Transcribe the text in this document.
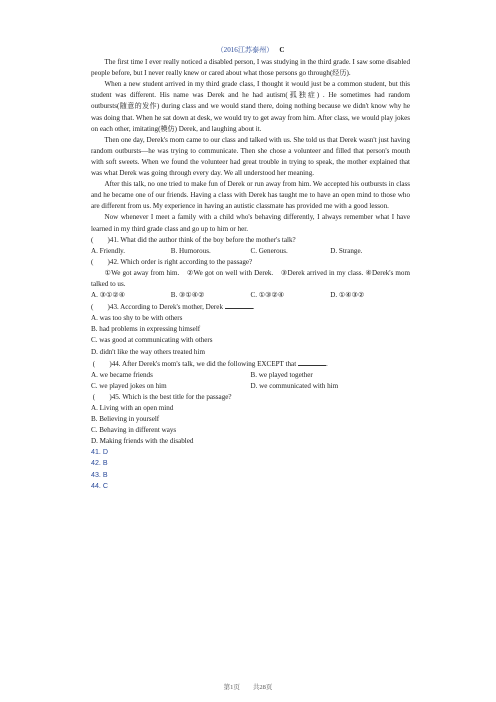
（2016江苏泰州） C

The first time I ever really noticed a disabled person, I was studying in the third grade. I saw some disabled people before, but I never really knew or cared about what those persons go through(经历).

When a new student arrived in my third grade class, I thought it would just be a common student, but this student was different. His name was Derek and he had autism(孤独症) . He sometimes had random outbursts(随意的发作) during class and we would stand there, doing nothing because we didn't know why he was doing that. When he sat down at desk, we would try to get away from him. After class, we would play jokes on each other, imitating(模仿) Derek, and laughing about it.

Then one day, Derek's mom came to our class and talked with us. She told us that Derek wasn't just having random outbursts—he was trying to communicate. Then she chose a volunteer and filled that person's mouth with soft sweets. When we found the volunteer had great trouble in trying to speak, the mother explained that was what Derek was going through every day. We all understood her meaning.

After this talk, no one tried to make fun of Derek or run away from him. We accepted his outbursts in class and he became one of our friends. Having a class with Derek has taught me to have an open mind to those who are different from us. My experience in having an autistic classmate has provided me with a good lesson.

Now whenever I meet a family with a child who's behaving differently, I always remember what I have learned in my third grade class and go up to him or her.

(　　)41. What did the author think of the boy before the mother's talk?
A. Friendly.	B. Humorous.	C. Generous.	D. Strange.
(　　)42. Which order is right according to the passage?

①We got away from him.　②We got on well with Derek.　③Derek arrived in my class. ④Derek's mom talked to us.

A. ③①②④	B. ③①④②	C. ①③②④	D. ①④③②
(　　)43. According to Derek's mother, Derek	.
A. was too shy to be with others
B. had problems in expressing himself
C. was good at communicating with others
D. didn't like the way others treated him
(　　)44. After Derek's mom's talk, we did the following EXCEPT that	.
A. we became friends	B. we played together
C. we played jokes on him	D. we communicated with him
(　　)45. Which is the best title for the passage?
A. Living with an open mind
B. Believing in yourself
C. Behaving in different ways
D. Making friends with the disabled
41. D
42. B
43. B
44. C
第1页　　共28页
